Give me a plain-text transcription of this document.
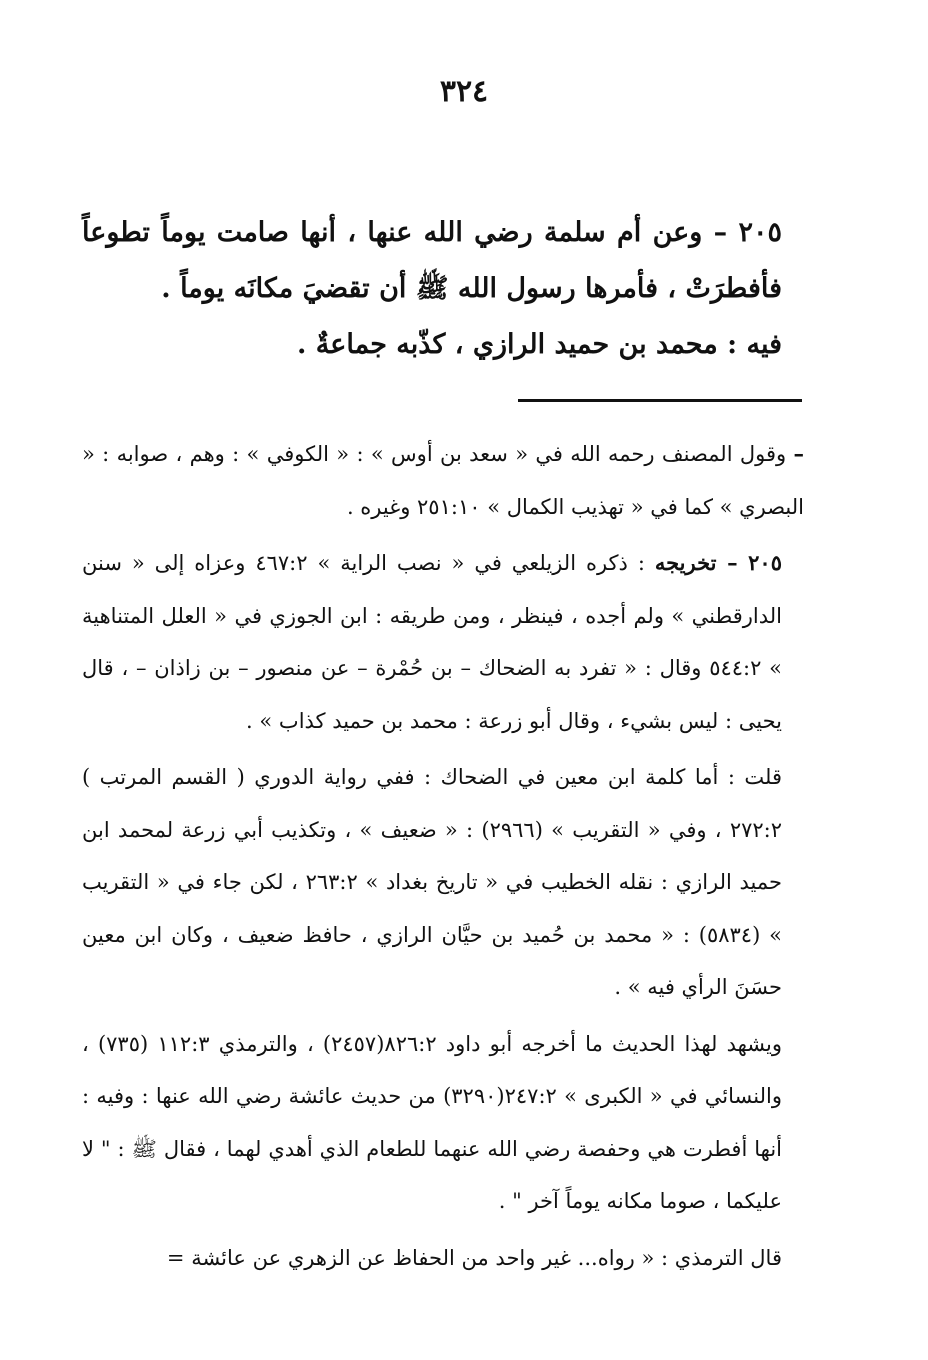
٣٢٤

٢٠٥ – وعن أم سلمة رضي الله عنها ، أنها صامت يوماً تطوعاً فأفطرَتْ ، فأمرها رسول الله ﷺ أن تقضيَ مكانَه يوماً .

فيه : محمد بن حميد الرازي ، كذّبه جماعةٌ .

– وقول المصنف رحمه الله في « سعد بن أوس » : « الكوفي » : وهم ، صوابه : « البصري » كما في « تهذيب الكمال » ٢٥١:١٠ وغيره .

٢٠٥ – تخريجه : ذكره الزيلعي في « نصب الراية » ٤٦٧:٢ وعزاه إلى « سنن الدارقطني » ولم أجده ، فينظر ، ومن طريقه : ابن الجوزي في « العلل المتناهية » ٥٤٤:٢ وقال : « تفرد به الضحاك – بن حُمْرة – عن منصور – بن زاذان – ، قال يحيى : ليس بشيء ، وقال أبو زرعة : محمد بن حميد كذاب » .

قلت : أما كلمة ابن معين في الضحاك : ففي رواية الدوري ( القسم المرتب ) ٢٧٢:٢ ، وفي « التقريب » (٢٩٦٦) : « ضعيف » ، وتكذيب أبي زرعة لمحمد ابن حميد الرازي : نقله الخطيب في « تاريخ بغداد » ٢٦٣:٢ ، لكن جاء في « التقريب » (٥٨٣٤) : « محمد بن حُميد بن حيَّان الرازي ، حافظ ضعيف ، وكان ابن معين حسَنَ الرأي فيه » .

ويشهد لهذا الحديث ما أخرجه أبو داود ٨٢٦:٢(٢٤٥٧) ، والترمذي ١١٢:٣ (٧٣٥) ، والنسائي في « الكبرى » ٢٤٧:٢(٣٢٩٠) من حديث عائشة رضي الله عنها : وفيه : أنها أفطرت هي وحفصة رضي الله عنهما للطعام الذي أهدي لهما ، فقال ﷺ : " لا عليكما ، صوما مكانه يوماً آخر " .

قال الترمذي : « رواه... غير واحد من الحفاظ عن الزهري عن عائشة =
